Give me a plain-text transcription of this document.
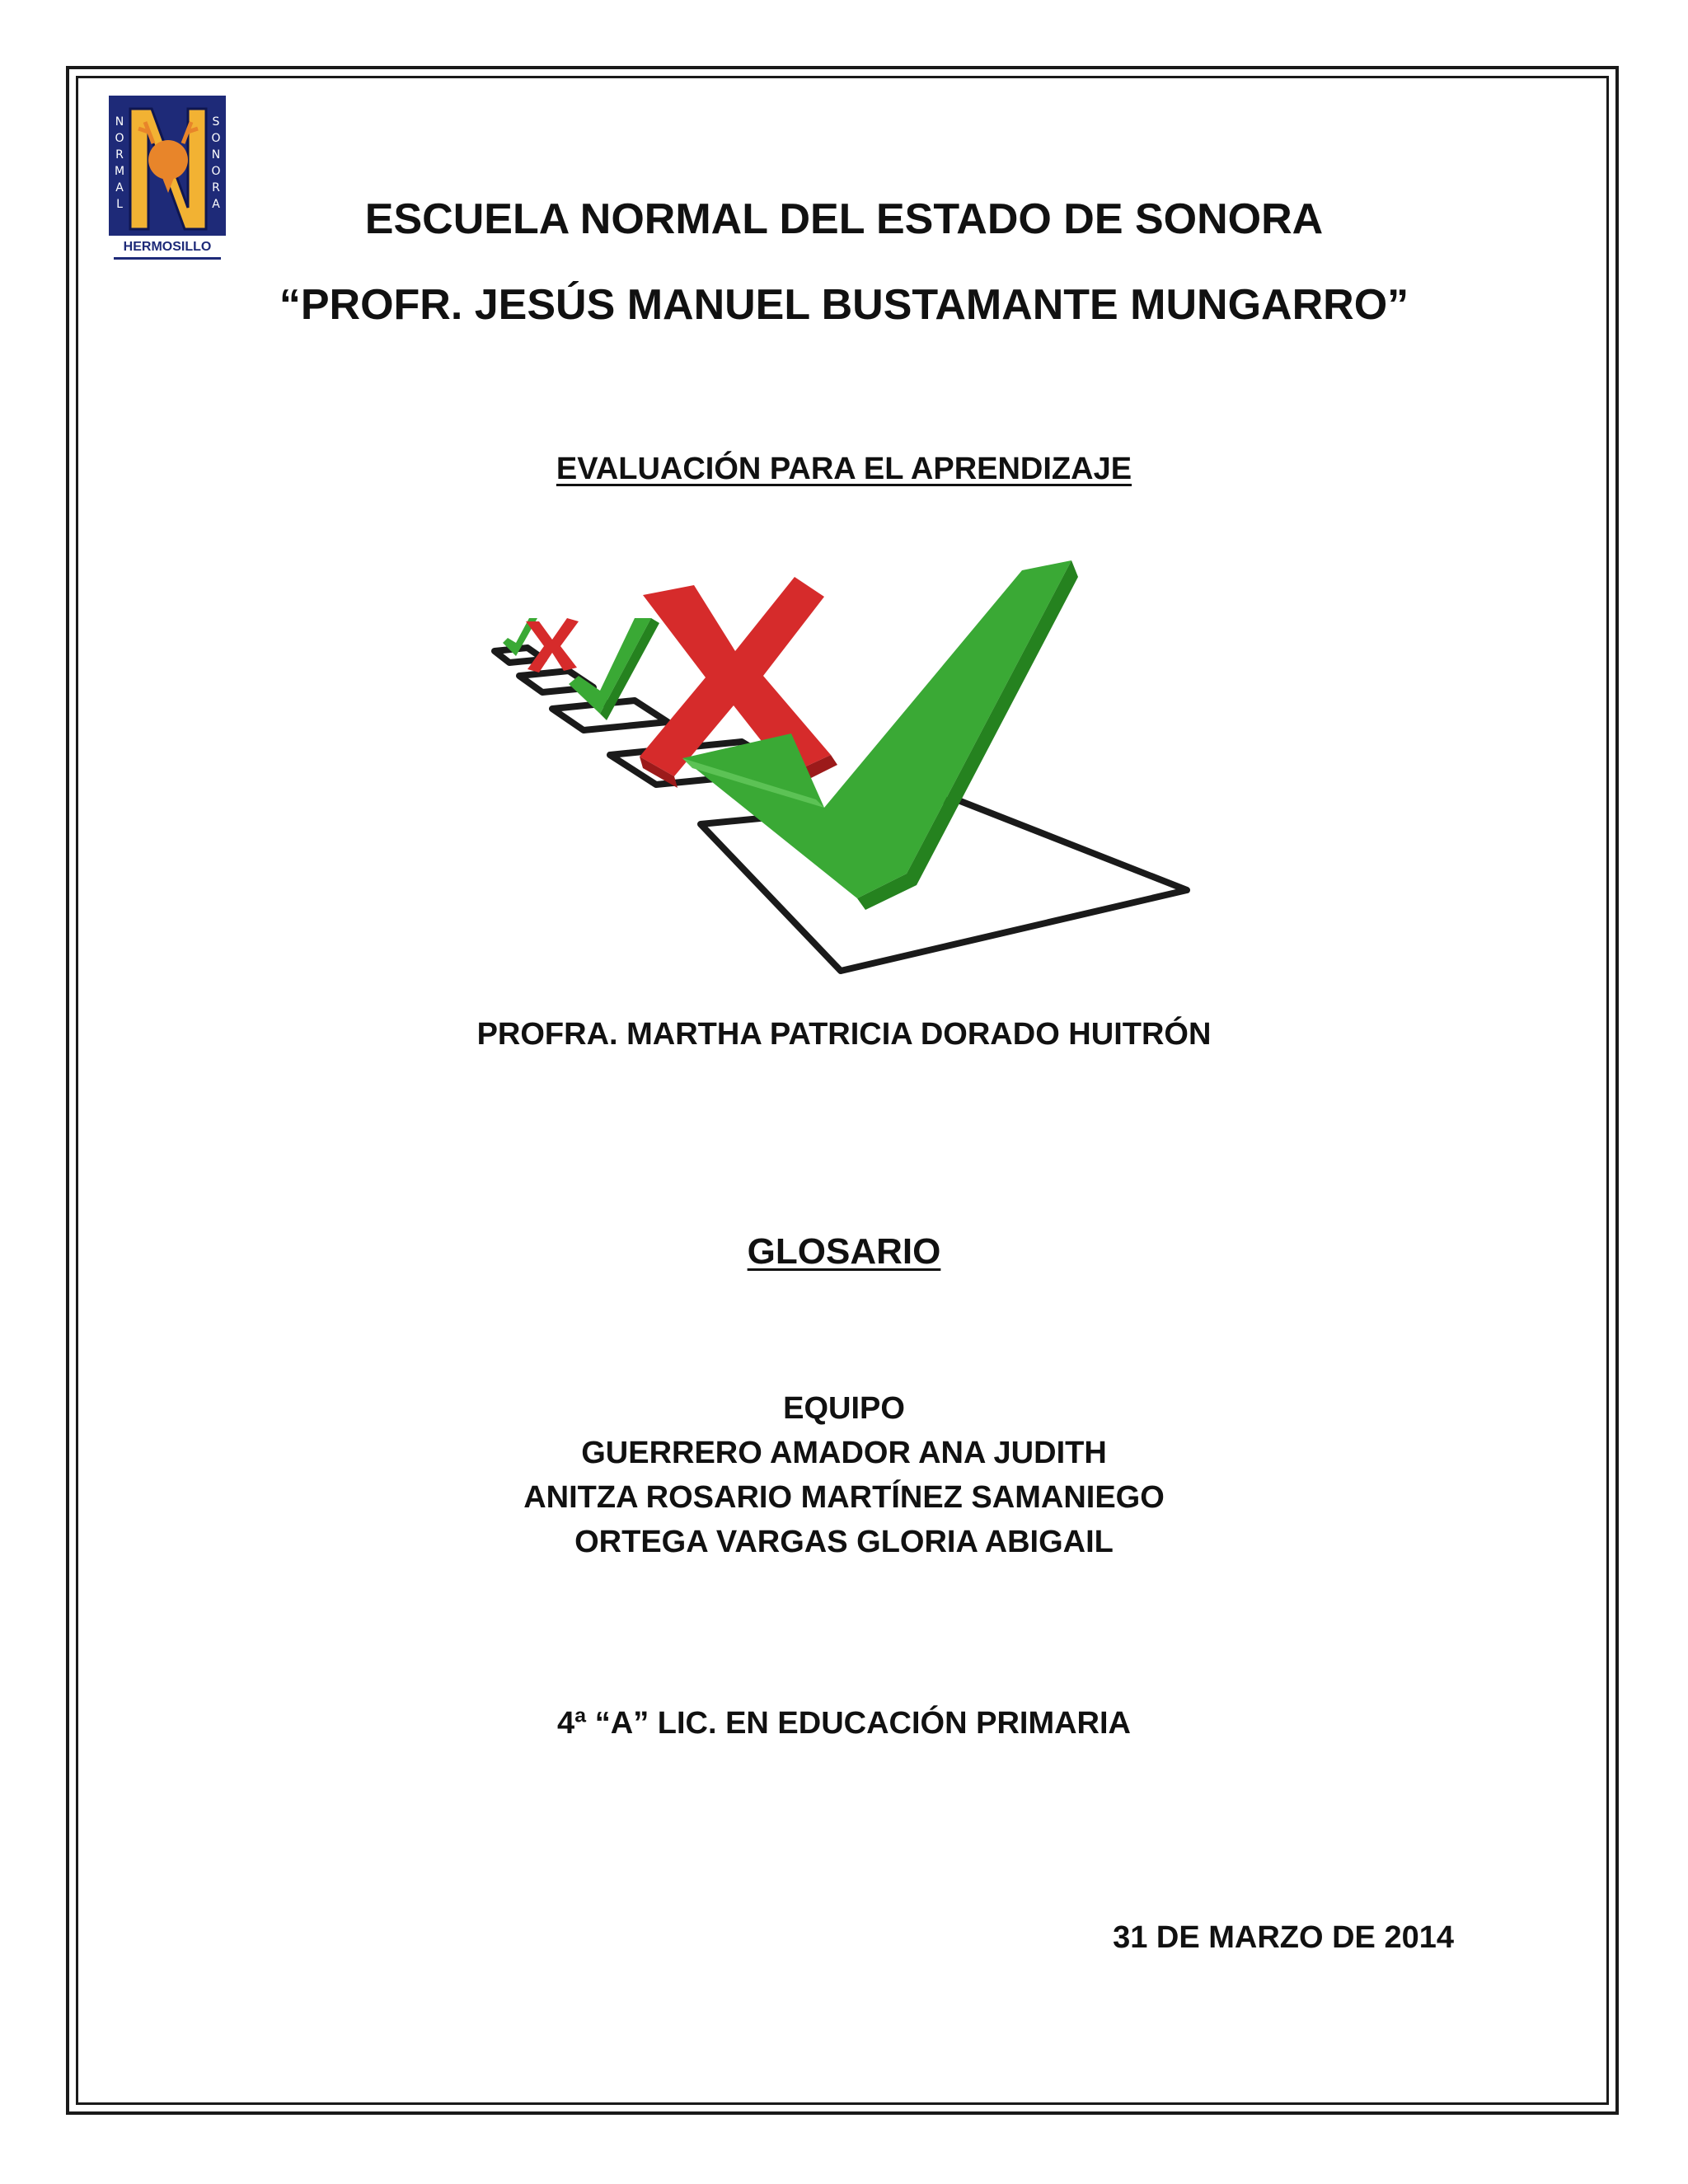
N O R M A L
S O N O R A
HERMOSILLO
ESCUELA NORMAL DEL ESTADO DE SONORA
“PROFR. JESÚS MANUEL BUSTAMANTE MUNGARRO”
EVALUACIÓN PARA EL APRENDIZAJE
PROFRA. MARTHA PATRICIA DORADO HUITRÓN
GLOSARIO
EQUIPO
GUERRERO AMADOR ANA JUDITH
ANITZA ROSARIO MARTÍNEZ SAMANIEGO
ORTEGA VARGAS GLORIA ABIGAIL
4ª “A” LIC. EN EDUCACIÓN PRIMARIA
31 DE MARZO DE 2014
